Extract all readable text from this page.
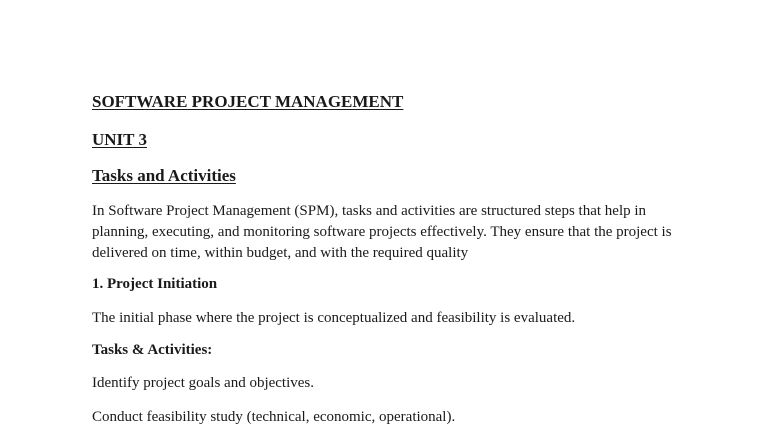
SOFTWARE PROJECT MANAGEMENT
UNIT 3
Tasks and Activities
In Software Project Management (SPM), tasks and activities are structured steps that help in
planning, executing, and monitoring software projects effectively. They ensure that the project is
delivered on time, within budget, and with the required quality
1. Project Initiation
The initial phase where the project is conceptualized and feasibility is evaluated.
Tasks & Activities:
Identify project goals and objectives.
Conduct feasibility study (technical, economic, operational).
